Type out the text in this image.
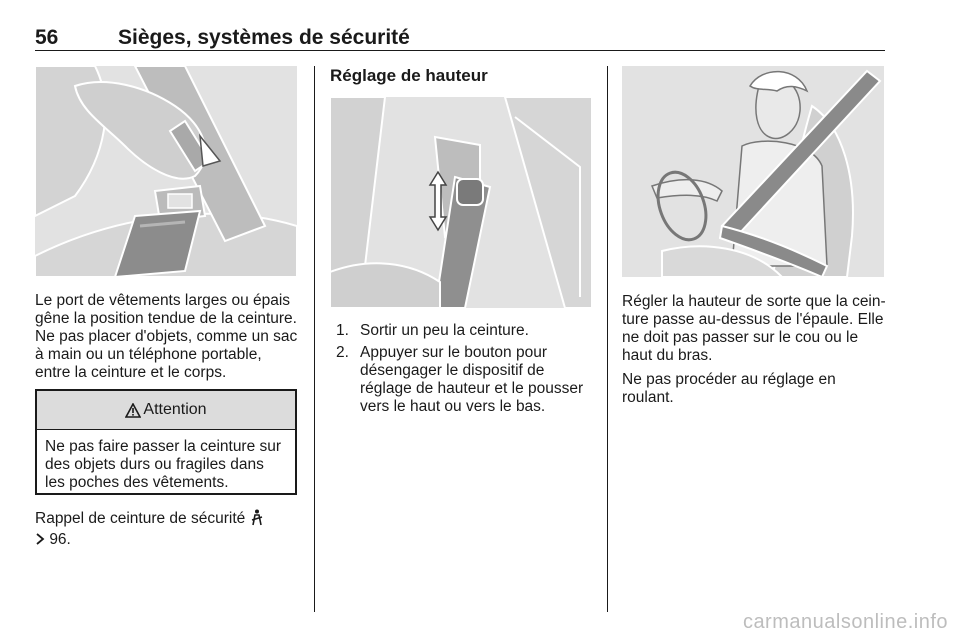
56	Sièges, systèmes de sécurité
Le port de vêtements larges ou épais gêne la position tendue de la ceinture. Ne pas placer d'objets, comme un sac à main ou un téléphone portable, entre la ceinture et le corps.
Attention
Ne pas faire passer la ceinture sur des objets durs ou fragiles dans les poches des vêtements.
Rappel de ceinture de sécurité
96.
Réglage de hauteur
1. Sortir un peu la ceinture.
2. Appuyer sur le bouton pour désengager le dispositif de réglage de hauteur et le pousser vers le haut ou vers le bas.

Régler la hauteur de sorte que la cein- ture passe au-dessus de l'épaule. Elle ne doit pas passer sur le cou ou le haut du bras.

Ne pas procéder au réglage en roulant.

carmanualsonline.info
